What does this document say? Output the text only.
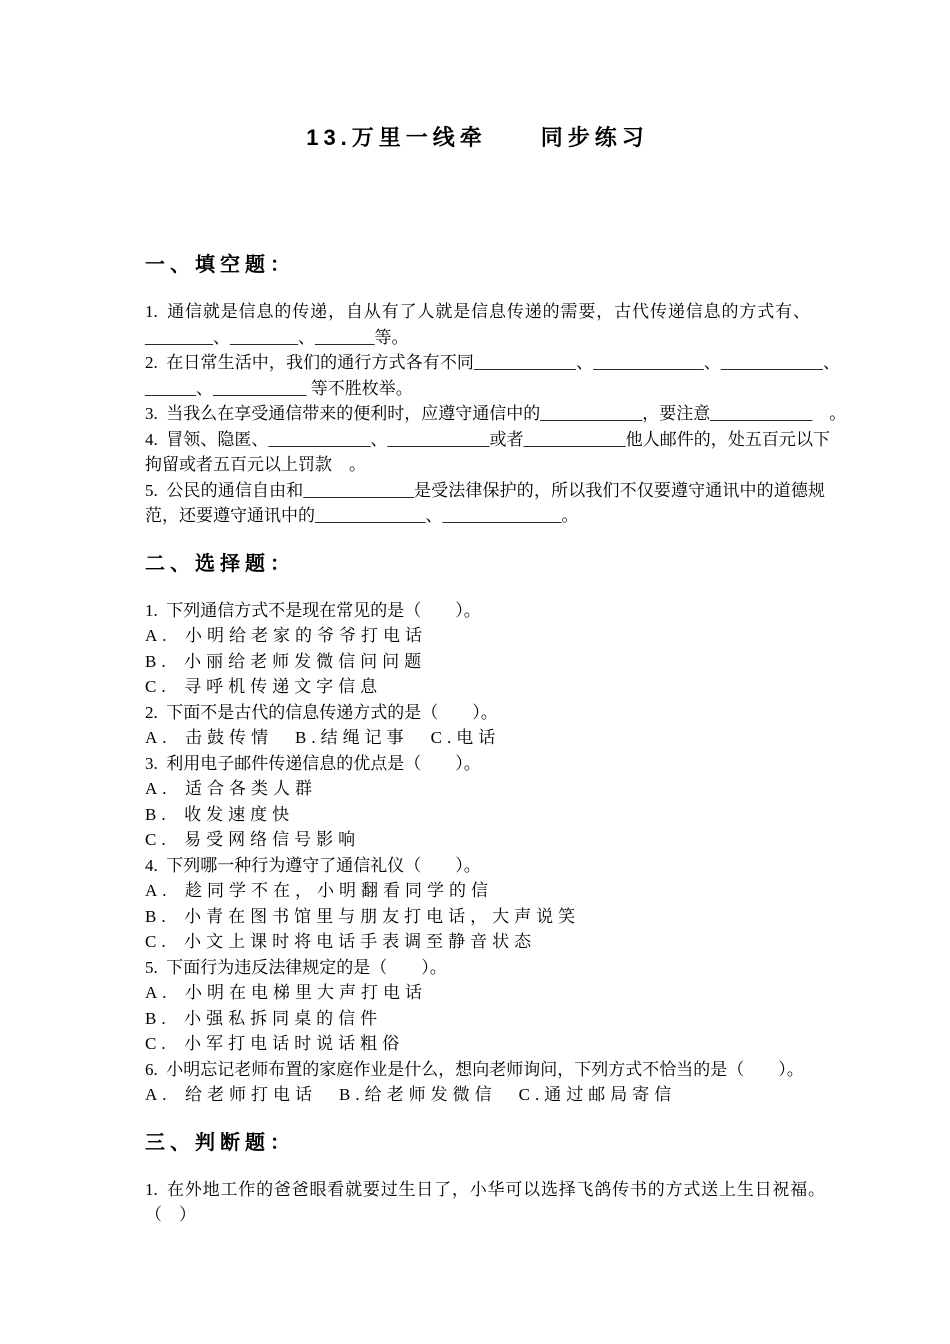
13.万里一线牵　　同步练习
一、填空题：

1. 通信就是信息的传递，自从有了人就是信息传递的需要，古代传递信息的方式有、________、________、_______等。

2. 在日常生活中，我们的通行方式各有不同____________、_____________、____________、______、___________ 等不胜枚举。

3. 当我么在享受通信带来的便利时，应遵守通信中的____________，要注意____________　。

4. 冒领、隐匿、____________、____________或者____________他人邮件的，处五百元以下拘留或者五百元以上罚款　。

5. 公民的通信自由和_____________是受法律保护的，所以我们不仅要遵守通讯中的道德规范，还要遵守通讯中的_____________、______________。

二、选择题：

1. 下列通信方式不是现在常见的是（　　）。

A. 小明给老家的爷爷打电话

B. 小丽给老师发微信问问题

C. 寻呼机传递文字信息

2. 下面不是古代的信息传递方式的是（　　）。

A. 击鼓传情　B.结绳记事　C.电话

3. 利用电子邮件传递信息的优点是（　　）。

A. 适合各类人群

B. 收发速度快

C. 易受网络信号影响

4. 下列哪一种行为遵守了通信礼仪（　　）。

A. 趁同学不在，小明翻看同学的信

B. 小青在图书馆里与朋友打电话，大声说笑

C. 小文上课时将电话手表调至静音状态

5. 下面行为违反法律规定的是（　　）。

A. 小明在电梯里大声打电话

B. 小强私拆同桌的信件

C. 小军打电话时说话粗俗

6. 小明忘记老师布置的家庭作业是什么，想向老师询问，下列方式不恰当的是（　　）。

A. 给老师打电话　B.给老师发微信　C.通过邮局寄信

三、判断题：

1. 在外地工作的爸爸眼看就要过生日了，小华可以选择飞鸽传书的方式送上生日祝福。（　）
